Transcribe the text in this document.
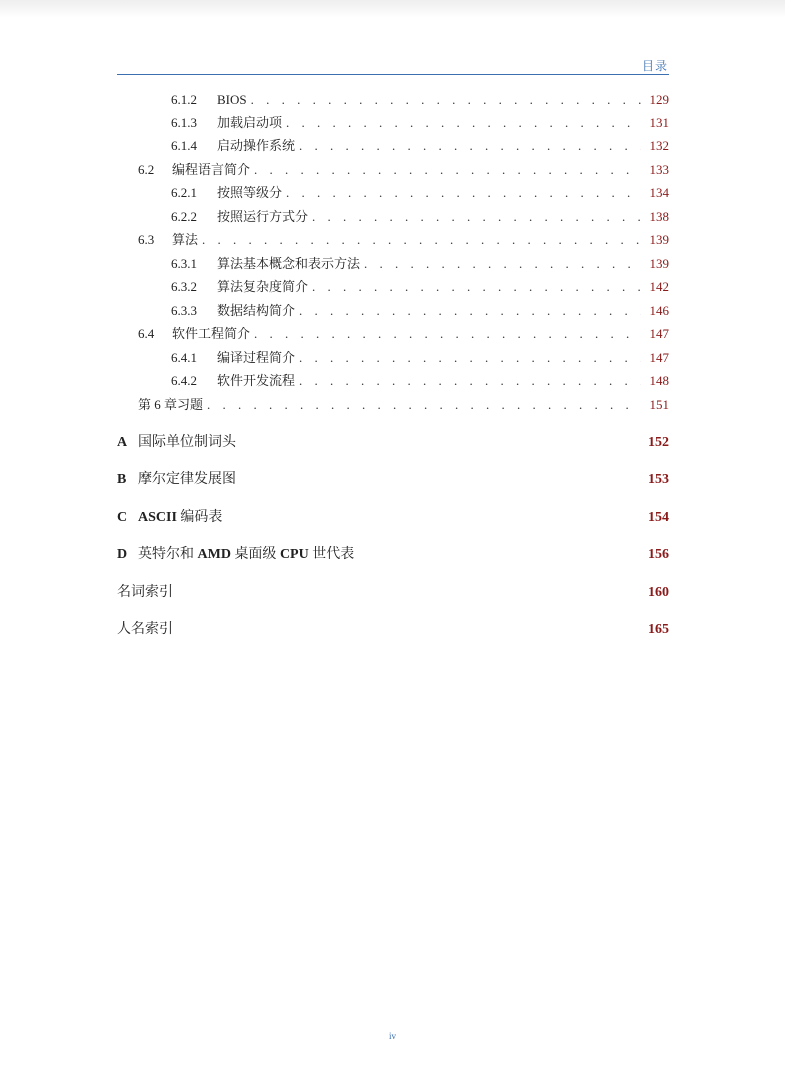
目录
6.1.2	BIOS . . .	129
6.1.3	加载启动项 . . .	131
6.1.4	启动操作系统 . . .	132
6.2	编程语言简介 . . .	133
6.2.1	按照等级分 . . .	134
6.2.2	按照运行方式分 . . .	138
6.3	算法 . . .	139
6.3.1	算法基本概念和表示方法 . . .	139
6.3.2	算法复杂度简介 . . .	142
6.3.3	数据结构简介 . . .	146
6.4	软件工程简介 . . .	147
6.4.1	编译过程简介 . . .	147
6.4.2	软件开发流程 . . .	148
第 6 章习题 . . .	151
A 国际单位制词头	152
B 摩尔定律发展图	153
C ASCII 编码表	154
D 英特尔和 AMD 桌面级 CPU 世代表	156
名词索引	160
人名索引	165
iv
